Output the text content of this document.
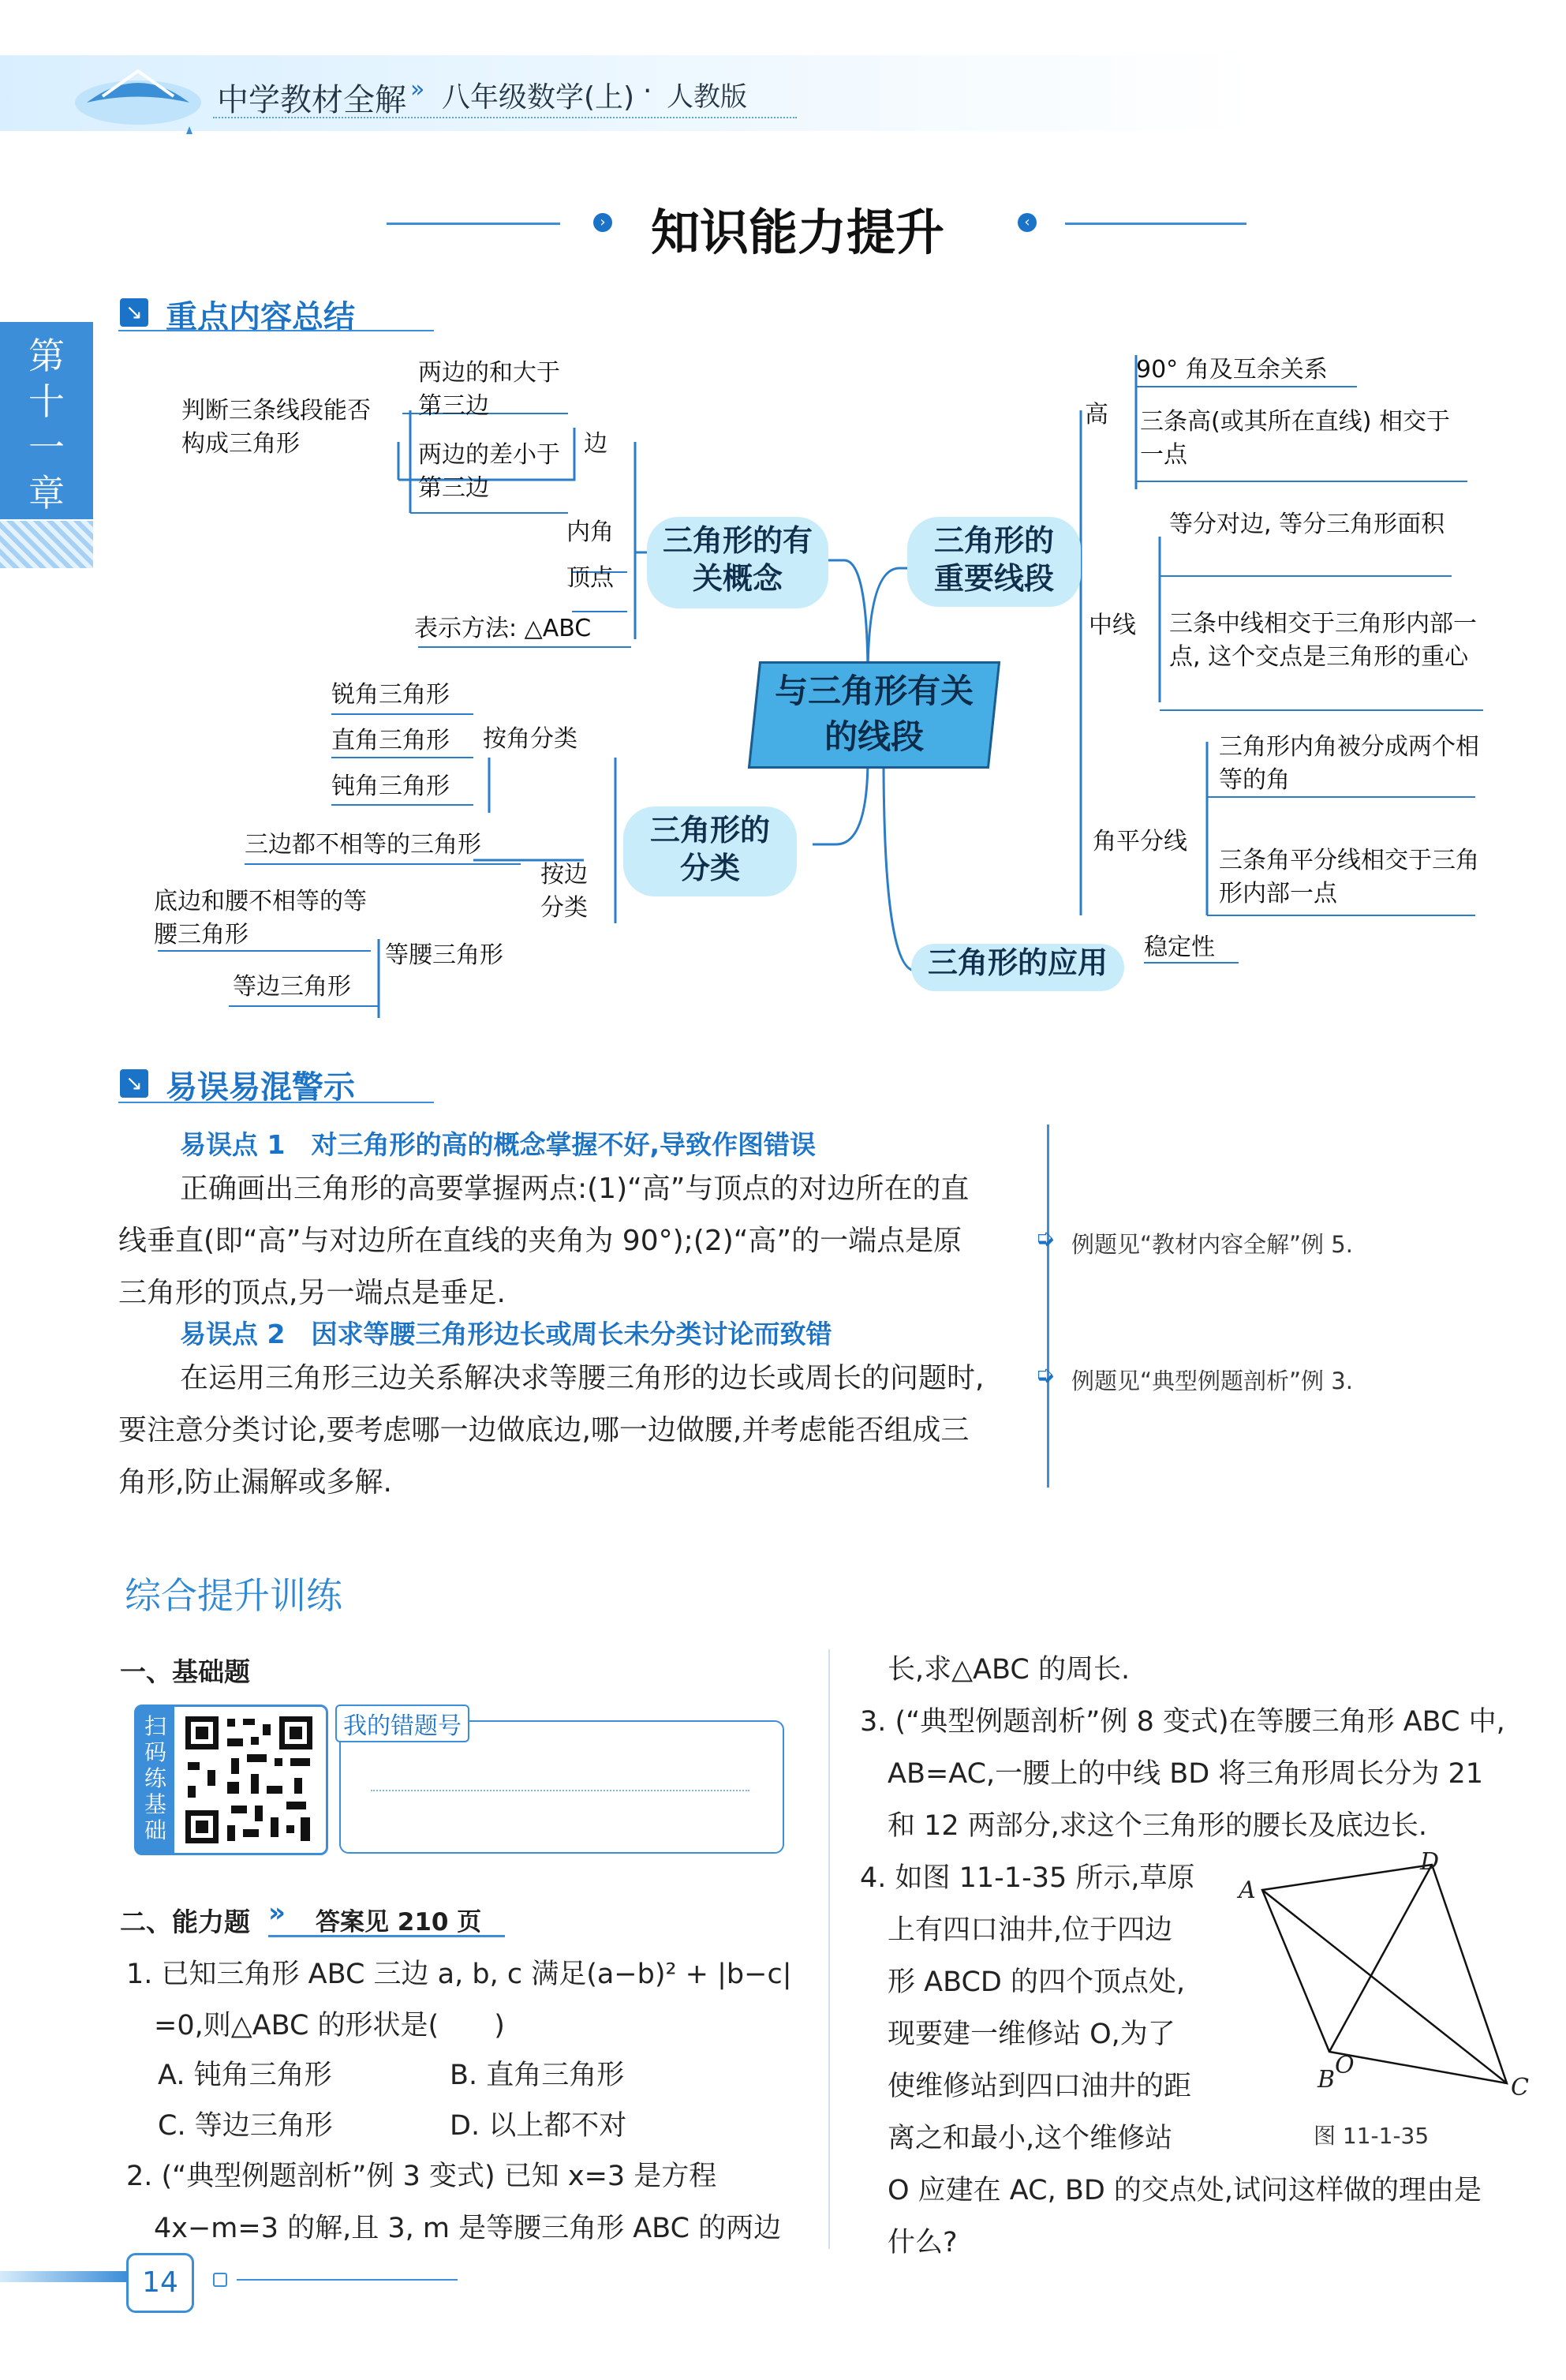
中学教材全解 » 八年级数学(上) · 人教版
第十一章
› 知识能力提升	‹
↘ 重点内容总结
与三角形有关的线段
三角形的有关概念
判断三条线段能否构成三角形
两边的和大于第三边
两边的差小于第三边
边
内角
顶点
表示方法: △ABC
三角形的分类
锐角三角形
直角三角形
钝角三角形
按角分类
三边都不相等的三角形
按边分类
底边和腰不相等的等腰三角形
等腰三角形
等边三角形
三角形的重要线段
高
90° 角及互余关系
三条高(或其所在直线) 相交于一点
中线
等分对边, 等分三角形面积
三条中线相交于三角形内部一点, 这个交点是三角形的重心
角平分线
三角形内角被分成两个相等的角
三条角平分线相交于三角形内部一点
三角形的应用	稳定性
↘ 易误易混警示
易误点 1　对三角形的高的概念掌握不好,导致作图错误
正确画出三角形的高要掌握两点:(1)“高”与顶点的对边所在的直
线垂直(即“高”与对边所在直线的夹角为 90°);(2)“高”的一端点是原
三角形的顶点,另一端点是垂足.
➭ 例题见“教材内容全解”例 5.
易误点 2　因求等腰三角形边长或周长未分类讨论而致错
在运用三角形三边关系解决求等腰三角形的边长或周长的问题时,
要注意分类讨论,要考虑哪一边做底边,哪一边做腰,并考虑能否组成三
角形,防止漏解或多解.
➭ 例题见“典型例题剖析”例 3.
综合提升训练
一、基础题
扫码练基础
我的错题号
二、能力题 » 答案见 210 页
1. 已知三角形 ABC 三边 a, b, c 满足(a−b)² + |b−c|
=0,则△ABC 的形状是(　　)
A. 钝角三角形	B. 直角三角形
C. 等边三角形	D. 以上都不对
2. (“典型例题剖析”例 3 变式) 已知 x=3 是方程
4x−m=3 的解,且 3, m 是等腰三角形 ABC 的两边
长,求△ABC 的周长.
3. (“典型例题剖析”例 8 变式)在等腰三角形 ABC 中,
AB=AC,一腰上的中线 BD 将三角形周长分为 21
和 12 两部分,求这个三角形的腰长及底边长.
4. 如图 11-1-35 所示,草原
上有四口油井,位于四边
形 ABCD 的四个顶点处,
现要建一维修站 O,为了
使维修站到四口油井的距
离之和最小,这个维修站
O 应建在 AC, BD 的交点处,试问这样做的理由是
什么?
A
D
O
B	C
图 11-1-35
14
